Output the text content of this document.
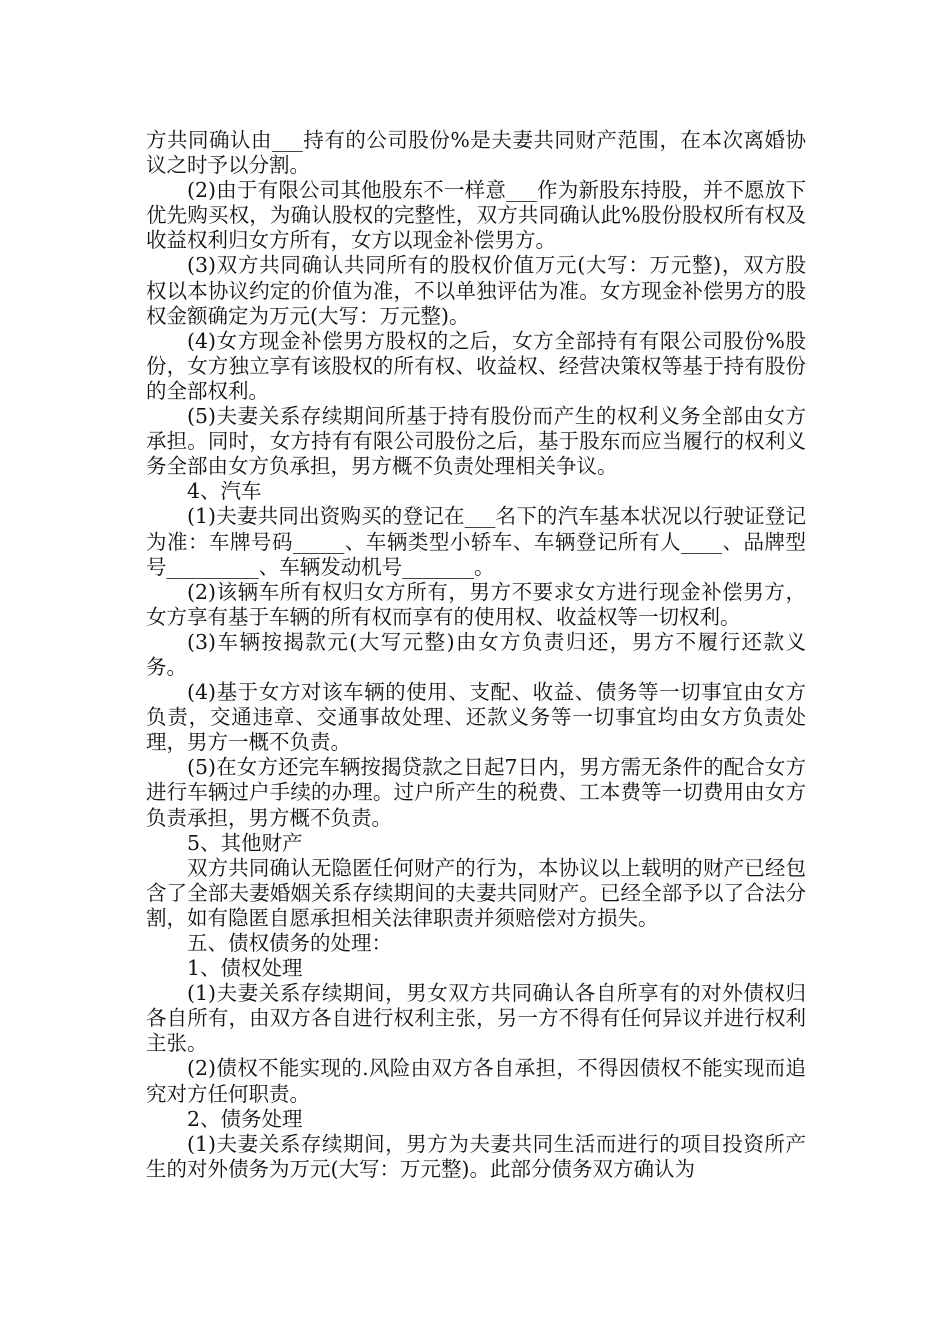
方共同确认由___持有的公司股份%是夫妻共同财产范围，在本次离婚协议之时予以分割。

(2)由于有限公司其他股东不一样意___作为新股东持股，并不愿放下优先购买权，为确认股权的完整性，双方共同确认此%股份股权所有权及收益权利归女方所有，女方以现金补偿男方。

(3)双方共同确认共同所有的股权价值万元(大写：万元整)，双方股权以本协议约定的价值为准，不以单独评估为准。女方现金补偿男方的股权金额确定为万元(大写：万元整)。

(4)女方现金补偿男方股权的之后，女方全部持有有限公司股份%股份，女方独立享有该股权的所有权、收益权、经营决策权等基于持有股份的全部权利。

(5)夫妻关系存续期间所基于持有股份而产生的权利义务全部由女方承担。同时，女方持有有限公司股份之后，基于股东而应当履行的权利义务全部由女方负承担，男方概不负责处理相关争议。

4、汽车

(1)夫妻共同出资购买的登记在___名下的汽车基本状况以行驶证登记为准：车牌号码_____、车辆类型小轿车、车辆登记所有人____、品牌型号_________、车辆发动机号_______。

(2)该辆车所有权归女方所有，男方不要求女方进行现金补偿男方，女方享有基于车辆的所有权而享有的使用权、收益权等一切权利。

(3)车辆按揭款元(大写元整)由女方负责归还，男方不履行还款义务。

(4)基于女方对该车辆的使用、支配、收益、债务等一切事宜由女方负责，交通违章、交通事故处理、还款义务等一切事宜均由女方负责处理，男方一概不负责。

(5)在女方还完车辆按揭贷款之日起7日内，男方需无条件的配合女方进行车辆过户手续的办理。过户所产生的税费、工本费等一切费用由女方负责承担，男方概不负责。

5、其他财产

双方共同确认无隐匿任何财产的行为，本协议以上载明的财产已经包含了全部夫妻婚姻关系存续期间的夫妻共同财产。已经全部予以了合法分割，如有隐匿自愿承担相关法律职责并须赔偿对方损失。

五、债权债务的处理：

1、债权处理

(1)夫妻关系存续期间，男女双方共同确认各自所享有的对外债权归各自所有，由双方各自进行权利主张，另一方不得有任何异议并进行权利主张。

(2)债权不能实现的.风险由双方各自承担，不得因债权不能实现而追究对方任何职责。

2、债务处理

(1)夫妻关系存续期间，男方为夫妻共同生活而进行的项目投资所产生的对外债务为万元(大写：万元整)。此部分债务双方确认为
